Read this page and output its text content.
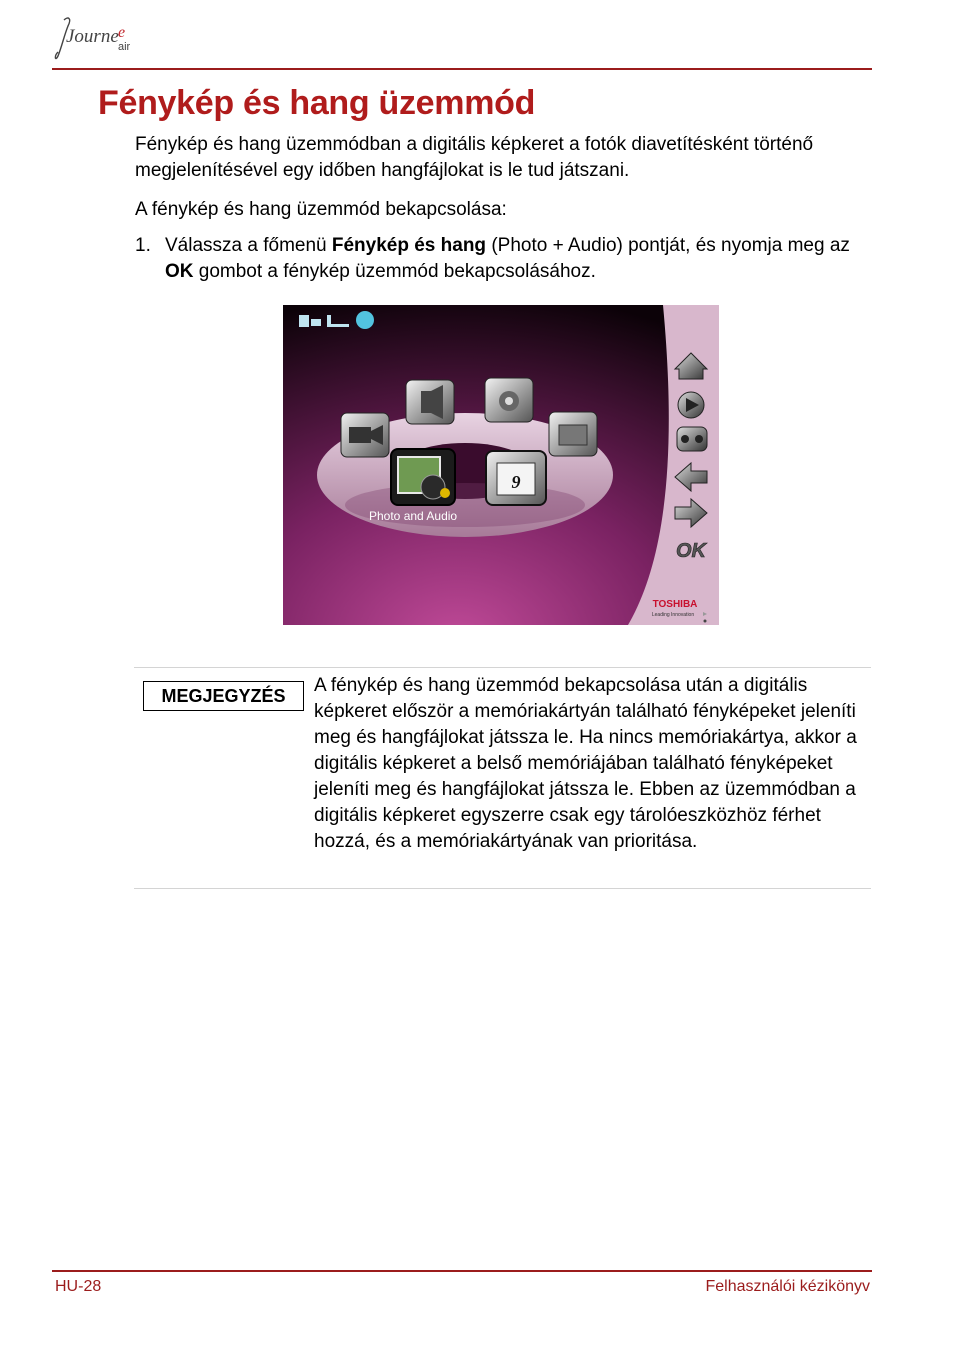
Journe e
air
Fénykép és hang üzemmód
Fénykép és hang üzemmódban a digitális képkeret a fotók diavetítésként történő megjelenítésével egy időben hangfájlokat is le tud játszani.
A fénykép és hang üzemmód bekapcsolása:
1. Válassza a főmenü Fénykép és hang (Photo + Audio) pontját, és nyomja meg az OK gombot a fénykép üzemmód bekapcsolásához.
9
Photo and Audio
OK
TOSHIBA
Leading Innovation
MEGJEGYZÉS	A fénykép és hang üzemmód bekapcsolása után a digitális képkeret először a memóriakártyán található fényképeket jeleníti meg és hangfájlokat játssza le. Ha nincs memóriakártya, akkor a digitális képkeret a belső memóriájában található fényképeket jeleníti meg és hangfájlokat játssza le. Ebben az üzemmódban a digitális képkeret egyszerre csak egy tárolóeszközhöz férhet hozzá, és a memóriakártyának van prioritása.
HU-28	Felhasználói kézikönyv
